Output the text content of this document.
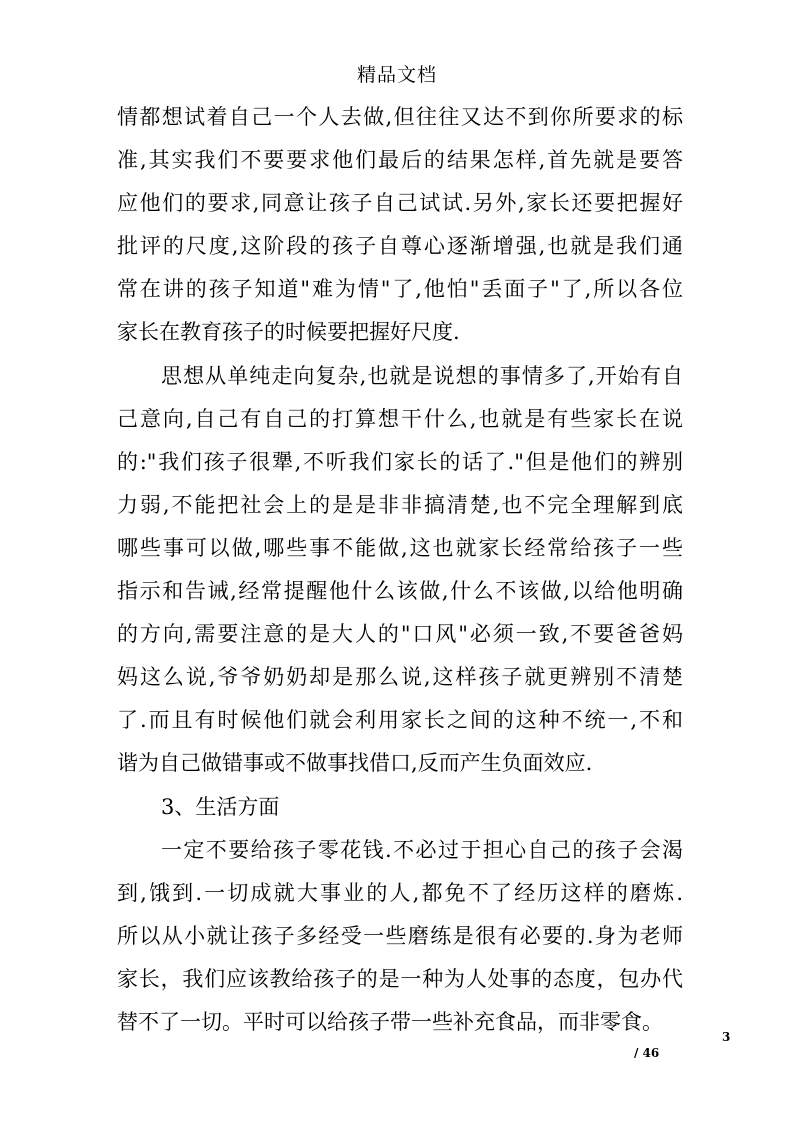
精品文档
情都想试着自己一个人去做,但往往又达不到你所要求的标
准,其实我们不要要求他们最后的结果怎样,首先就是要答
应他们的要求,同意让孩子自己试试.另外,家长还要把握好
批评的尺度,这阶段的孩子自尊心逐渐增强,也就是我们通
常在讲的孩子知道"难为情"了,他怕"丢面子"了,所以各位
家长在教育孩子的时候要把握好尺度.
思想从单纯走向复杂,也就是说想的事情多了,开始有自
己意向,自己有自己的打算想干什么,也就是有些家长在说
的:"我们孩子很犟,不听我们家长的话了."但是他们的辨别
力弱,不能把社会上的是是非非搞清楚,也不完全理解到底
哪些事可以做,哪些事不能做,这也就家长经常给孩子一些
指示和告诫,经常提醒他什么该做,什么不该做,以给他明确
的方向,需要注意的是大人的"口风"必须一致,不要爸爸妈
妈这么说,爷爷奶奶却是那么说,这样孩子就更辨别不清楚
了.而且有时候他们就会利用家长之间的这种不统一,不和
谐为自己做错事或不做事找借口,反而产生负面效应.
3、生活方面
一定不要给孩子零花钱.不必过于担心自己的孩子会渴
到,饿到.一切成就大事业的人,都免不了经历这样的磨炼.
所以从小就让孩子多经受一些磨练是很有必要的.身为老师
家长，我们应该教给孩子的是一种为人处事的态度，包办代
替不了一切。平时可以给孩子带一些补充食品，而非零食。
3
/ 46
